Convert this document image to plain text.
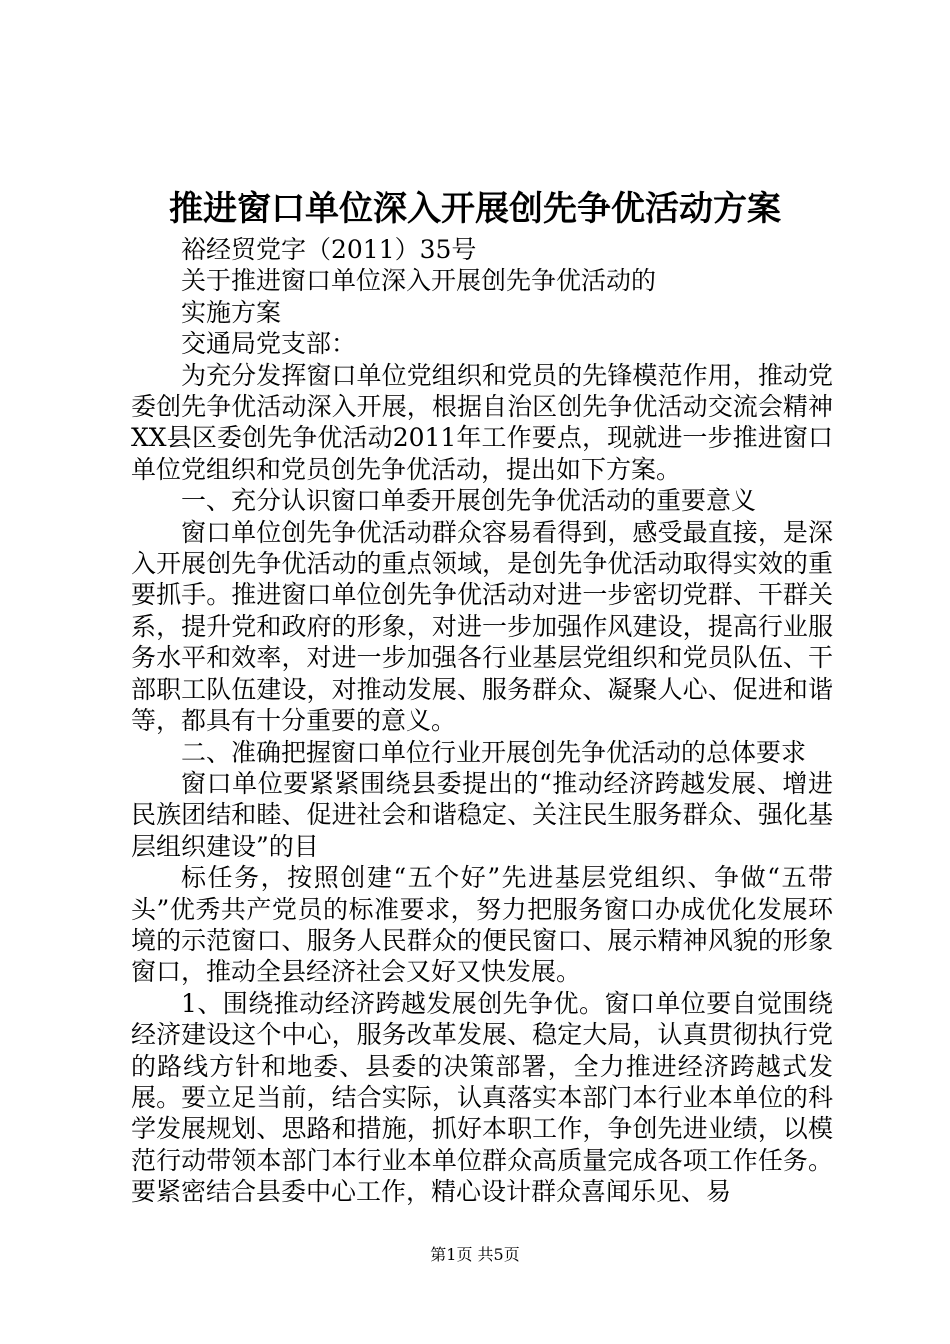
推进窗口单位深入开展创先争优活动方案

裕经贸党字（2011）35号

关于推进窗口单位深入开展创先争优活动的

实施方案

交通局党支部：

为充分发挥窗口单位党组织和党员的先锋模范作用，推动党委创先争优活动深入开展，根据自治区创先争优活动交流会精神XX县区委创先争优活动2011年工作要点，现就进一步推进窗口单位党组织和党员创先争优活动，提出如下方案。

一、充分认识窗口单委开展创先争优活动的重要意义

窗口单位创先争优活动群众容易看得到，感受最直接，是深入开展创先争优活动的重点领域，是创先争优活动取得实效的重要抓手。推进窗口单位创先争优活动对进一步密切党群、干群关系，提升党和政府的形象，对进一步加强作风建设，提高行业服务水平和效率，对进一步加强各行业基层党组织和党员队伍、干部职工队伍建设，对推动发展、服务群众、凝聚人心、促进和谐等，都具有十分重要的意义。

二、准确把握窗口单位行业开展创先争优活动的总体要求

窗口单位要紧紧围绕县委提出的“推动经济跨越发展、增进民族团结和睦、促进社会和谐稳定、关注民生服务群众、强化基层组织建设”的目

标任务，按照创建“五个好”先进基层党组织、争做“五带头”优秀共产党员的标准要求，努力把服务窗口办成优化发展环境的示范窗口、服务人民群众的便民窗口、展示精神风貌的形象窗口，推动全县经济社会又好又快发展。

1、围绕推动经济跨越发展创先争优。窗口单位要自觉围绕经济建设这个中心，服务改革发展、稳定大局，认真贯彻执行党的路线方针和地委、县委的决策部署，全力推进经济跨越式发展。要立足当前，结合实际，认真落实本部门本行业本单位的科学发展规划、思路和措施，抓好本职工作，争创先进业绩，以模范行动带领本部门本行业本单位群众高质量完成各项工作任务。要紧密结合县委中心工作，精心设计群众喜闻乐见、易

第1页 共5页
